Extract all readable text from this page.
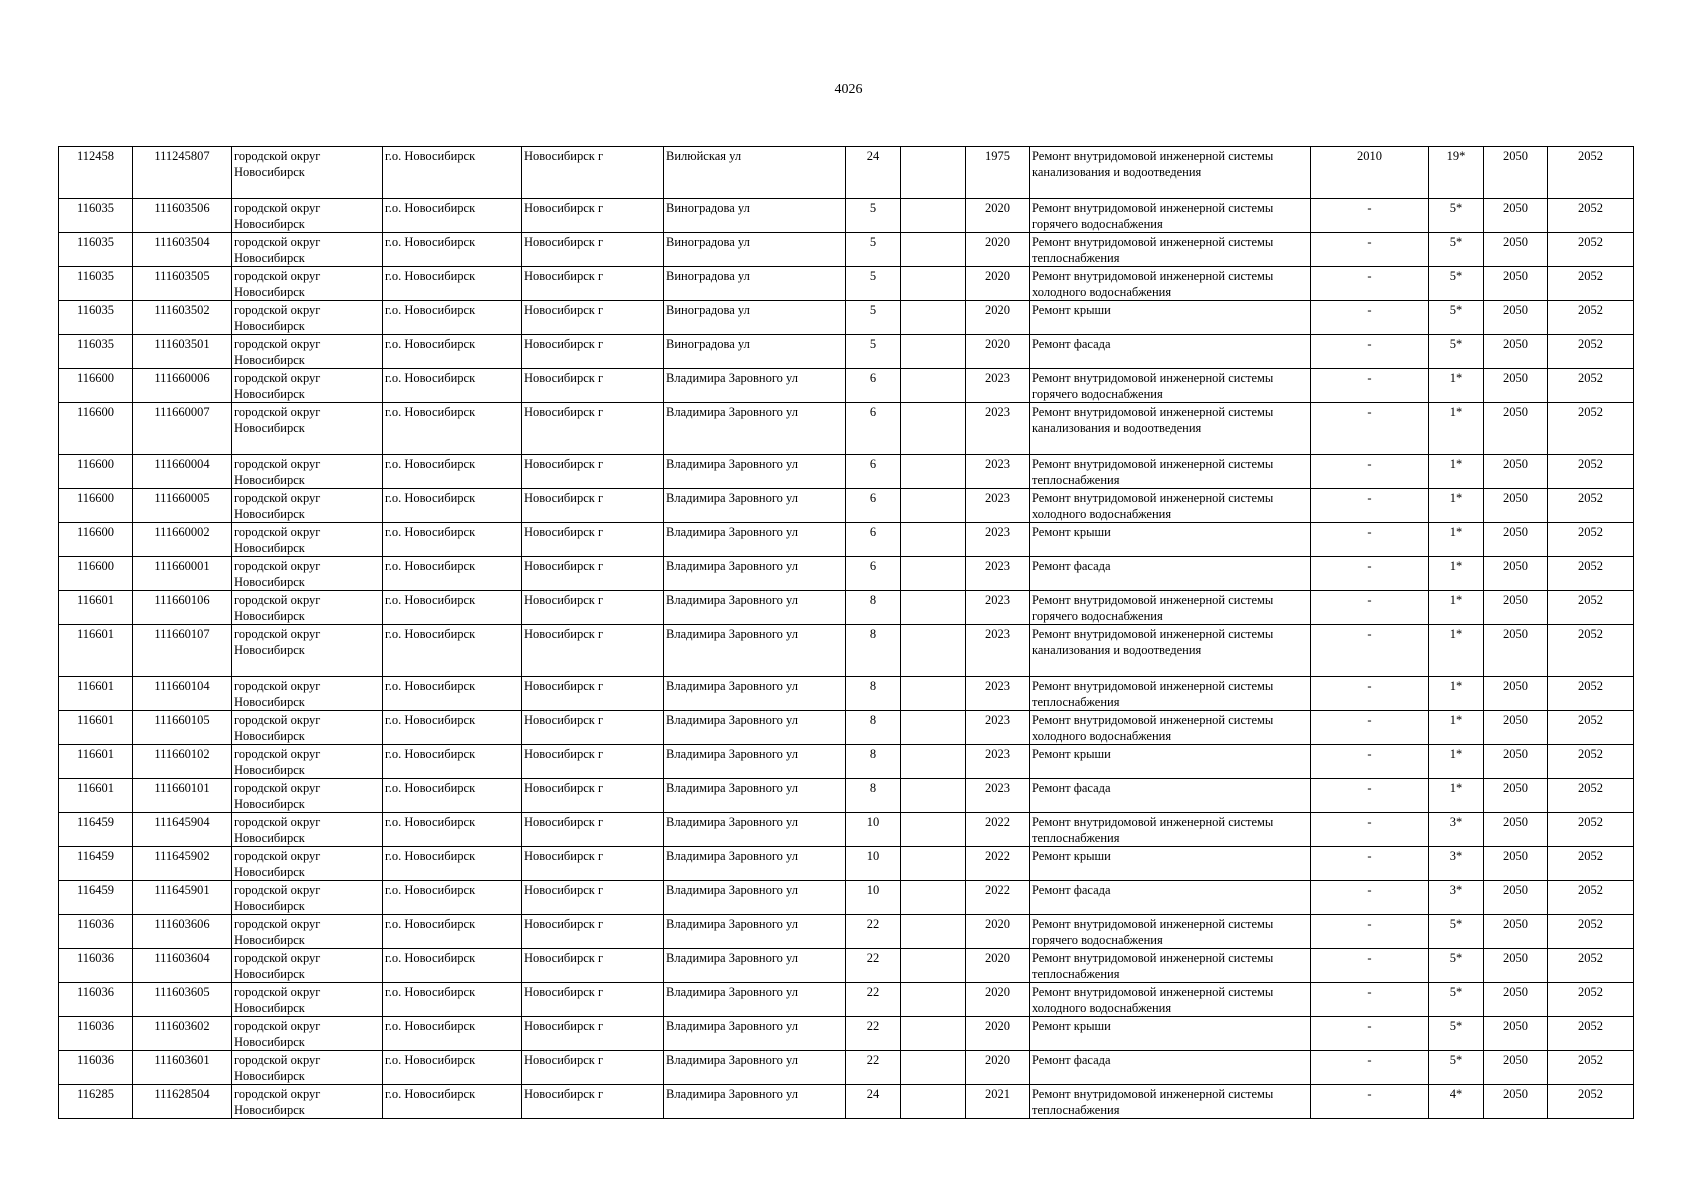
4026
112458	111245807	городской округ Новосибирск	г.о. Новосибирск	Новосибирск г	Вилюйская ул	24		1975	Ремонт внутридомовой инженерной системы канализования и водоотведения	2010	19*	2050	2052
116035	111603506	городской округ Новосибирск	г.о. Новосибирск	Новосибирск г	Виноградова ул	5		2020	Ремонт внутридомовой инженерной системы горячего водоснабжения	-	5*	2050	2052
116035	111603504	городской округ Новосибирск	г.о. Новосибирск	Новосибирск г	Виноградова ул	5		2020	Ремонт внутридомовой инженерной системы теплоснабжения	-	5*	2050	2052
116035	111603505	городской округ Новосибирск	г.о. Новосибирск	Новосибирск г	Виноградова ул	5		2020	Ремонт внутридомовой инженерной системы холодного водоснабжения	-	5*	2050	2052
116035	111603502	городской округ Новосибирск	г.о. Новосибирск	Новосибирск г	Виноградова ул	5		2020	Ремонт крыши	-	5*	2050	2052
116035	111603501	городской округ Новосибирск	г.о. Новосибирск	Новосибирск г	Виноградова ул	5		2020	Ремонт фасада	-	5*	2050	2052
116600	111660006	городской округ Новосибирск	г.о. Новосибирск	Новосибирск г	Владимира Заровного ул	6		2023	Ремонт внутридомовой инженерной системы горячего водоснабжения	-	1*	2050	2052
116600	111660007	городской округ Новосибирск	г.о. Новосибирск	Новосибирск г	Владимира Заровного ул	6		2023	Ремонт внутридомовой инженерной системы канализования и водоотведения	-	1*	2050	2052
116600	111660004	городской округ Новосибирск	г.о. Новосибирск	Новосибирск г	Владимира Заровного ул	6		2023	Ремонт внутридомовой инженерной системы теплоснабжения	-	1*	2050	2052
116600	111660005	городской округ Новосибирск	г.о. Новосибирск	Новосибирск г	Владимира Заровного ул	6		2023	Ремонт внутридомовой инженерной системы холодного водоснабжения	-	1*	2050	2052
116600	111660002	городской округ Новосибирск	г.о. Новосибирск	Новосибирск г	Владимира Заровного ул	6		2023	Ремонт крыши	-	1*	2050	2052
116600	111660001	городской округ Новосибирск	г.о. Новосибирск	Новосибирск г	Владимира Заровного ул	6		2023	Ремонт фасада	-	1*	2050	2052
116601	111660106	городской округ Новосибирск	г.о. Новосибирск	Новосибирск г	Владимира Заровного ул	8		2023	Ремонт внутридомовой инженерной системы горячего водоснабжения	-	1*	2050	2052
116601	111660107	городской округ Новосибирск	г.о. Новосибирск	Новосибирск г	Владимира Заровного ул	8		2023	Ремонт внутридомовой инженерной системы канализования и водоотведения	-	1*	2050	2052
116601	111660104	городской округ Новосибирск	г.о. Новосибирск	Новосибирск г	Владимира Заровного ул	8		2023	Ремонт внутридомовой инженерной системы теплоснабжения	-	1*	2050	2052
116601	111660105	городской округ Новосибирск	г.о. Новосибирск	Новосибирск г	Владимира Заровного ул	8		2023	Ремонт внутридомовой инженерной системы холодного водоснабжения	-	1*	2050	2052
116601	111660102	городской округ Новосибирск	г.о. Новосибирск	Новосибирск г	Владимира Заровного ул	8		2023	Ремонт крыши	-	1*	2050	2052
116601	111660101	городской округ Новосибирск	г.о. Новосибирск	Новосибирск г	Владимира Заровного ул	8		2023	Ремонт фасада	-	1*	2050	2052
116459	111645904	городской округ Новосибирск	г.о. Новосибирск	Новосибирск г	Владимира Заровного ул	10		2022	Ремонт внутридомовой инженерной системы теплоснабжения	-	3*	2050	2052
116459	111645902	городской округ Новосибирск	г.о. Новосибирск	Новосибирск г	Владимира Заровного ул	10		2022	Ремонт крыши	-	3*	2050	2052
116459	111645901	городской округ Новосибирск	г.о. Новосибирск	Новосибирск г	Владимира Заровного ул	10		2022	Ремонт фасада	-	3*	2050	2052
116036	111603606	городской округ Новосибирск	г.о. Новосибирск	Новосибирск г	Владимира Заровного ул	22		2020	Ремонт внутридомовой инженерной системы горячего водоснабжения	-	5*	2050	2052
116036	111603604	городской округ Новосибирск	г.о. Новосибирск	Новосибирск г	Владимира Заровного ул	22		2020	Ремонт внутридомовой инженерной системы теплоснабжения	-	5*	2050	2052
116036	111603605	городской округ Новосибирск	г.о. Новосибирск	Новосибирск г	Владимира Заровного ул	22		2020	Ремонт внутридомовой инженерной системы холодного водоснабжения	-	5*	2050	2052
116036	111603602	городской округ Новосибирск	г.о. Новосибирск	Новосибирск г	Владимира Заровного ул	22		2020	Ремонт крыши	-	5*	2050	2052
116036	111603601	городской округ Новосибирск	г.о. Новосибирск	Новосибирск г	Владимира Заровного ул	22		2020	Ремонт фасада	-	5*	2050	2052
116285	111628504	городской округ Новосибирск	г.о. Новосибирск	Новосибирск г	Владимира Заровного ул	24		2021	Ремонт внутридомовой инженерной системы теплоснабжения	-	4*	2050	2052
